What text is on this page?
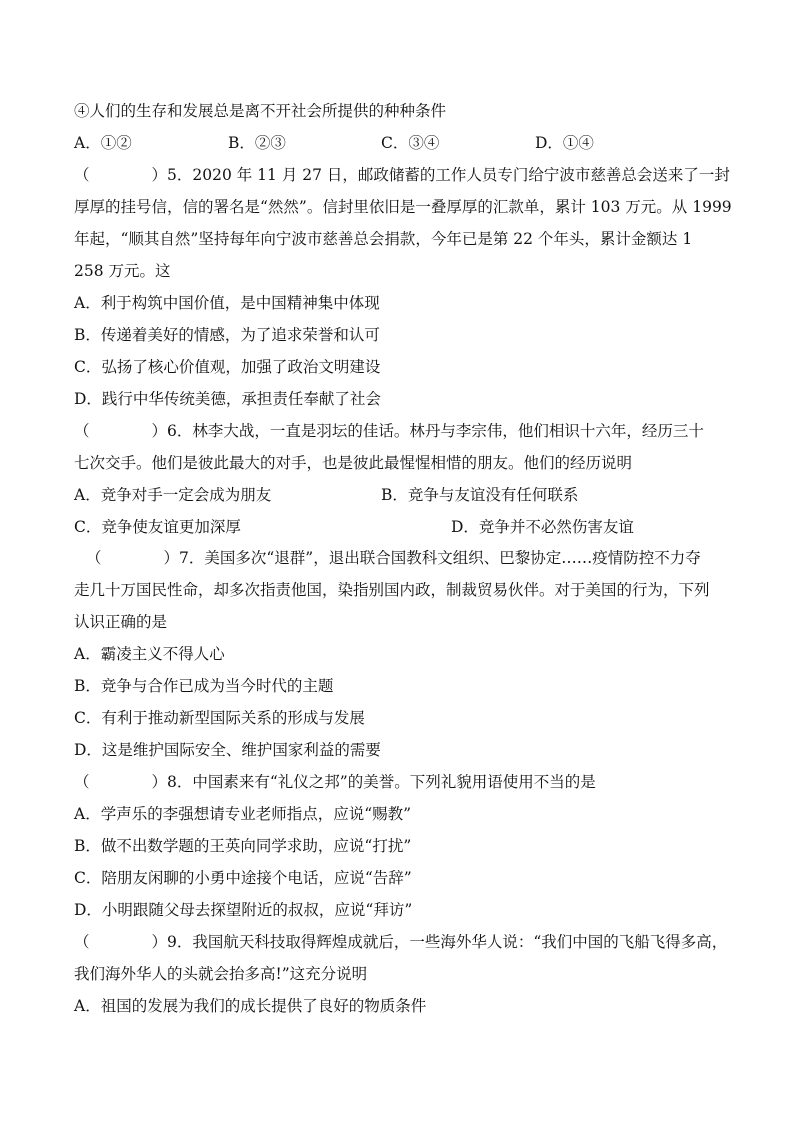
④人们的生存和发展总是离不开社会所提供的种种条件
A．①②	B．②③	C．③④	D．①④
（　　　　）5．2020 年 11 月 27 日，邮政储蓄的工作人员专门给宁波市慈善总会送来了一封
厚厚的挂号信，信的署名是“然然”。信封里依旧是一叠厚厚的汇款单，累计 103 万元。从 1999
年起，“顺其自然”坚持每年向宁波市慈善总会捐款，今年已是第 22 个年头，累计金额达 1
258 万元。这
A．利于构筑中国价值，是中国精神集中体现
B．传递着美好的情感，为了追求荣誉和认可
C．弘扬了核心价值观，加强了政治文明建设
D．践行中华传统美德，承担责任奉献了社会
（　　　　）6．林李大战，一直是羽坛的佳话。林丹与李宗伟，他们相识十六年，经历三十
七次交手。他们是彼此最大的对手，也是彼此最惺惺相惜的朋友。他们的经历说明
A．竞争对手一定会成为朋友	B．竞争与友谊没有任何联系
C．竞争使友谊更加深厚	D．竞争并不必然伤害友谊
（　　　　）7．美国多次“退群”，退出联合国教科文组织、巴黎协定……疫情防控不力夺
走几十万国民性命，却多次指责他国，染指别国内政，制裁贸易伙伴。对于美国的行为，下列
认识正确的是
A．霸凌主义不得人心
B．竞争与合作已成为当今时代的主题
C．有利于推动新型国际关系的形成与发展
D．这是维护国际安全、维护国家利益的需要
（　　　　）8．中国素来有“礼仪之邦”的美誉。下列礼貌用语使用不当的是
A．学声乐的李强想请专业老师指点，应说“赐教”
B．做不出数学题的王英向同学求助，应说“打扰”
C．陪朋友闲聊的小勇中途接个电话，应说“告辞”
D．小明跟随父母去探望附近的叔叔，应说“拜访”
（　　　　）9．我国航天科技取得辉煌成就后，一些海外华人说：“我们中国的飞船飞得多高，
我们海外华人的头就会抬多高!”这充分说明
A．祖国的发展为我们的成长提供了良好的物质条件
